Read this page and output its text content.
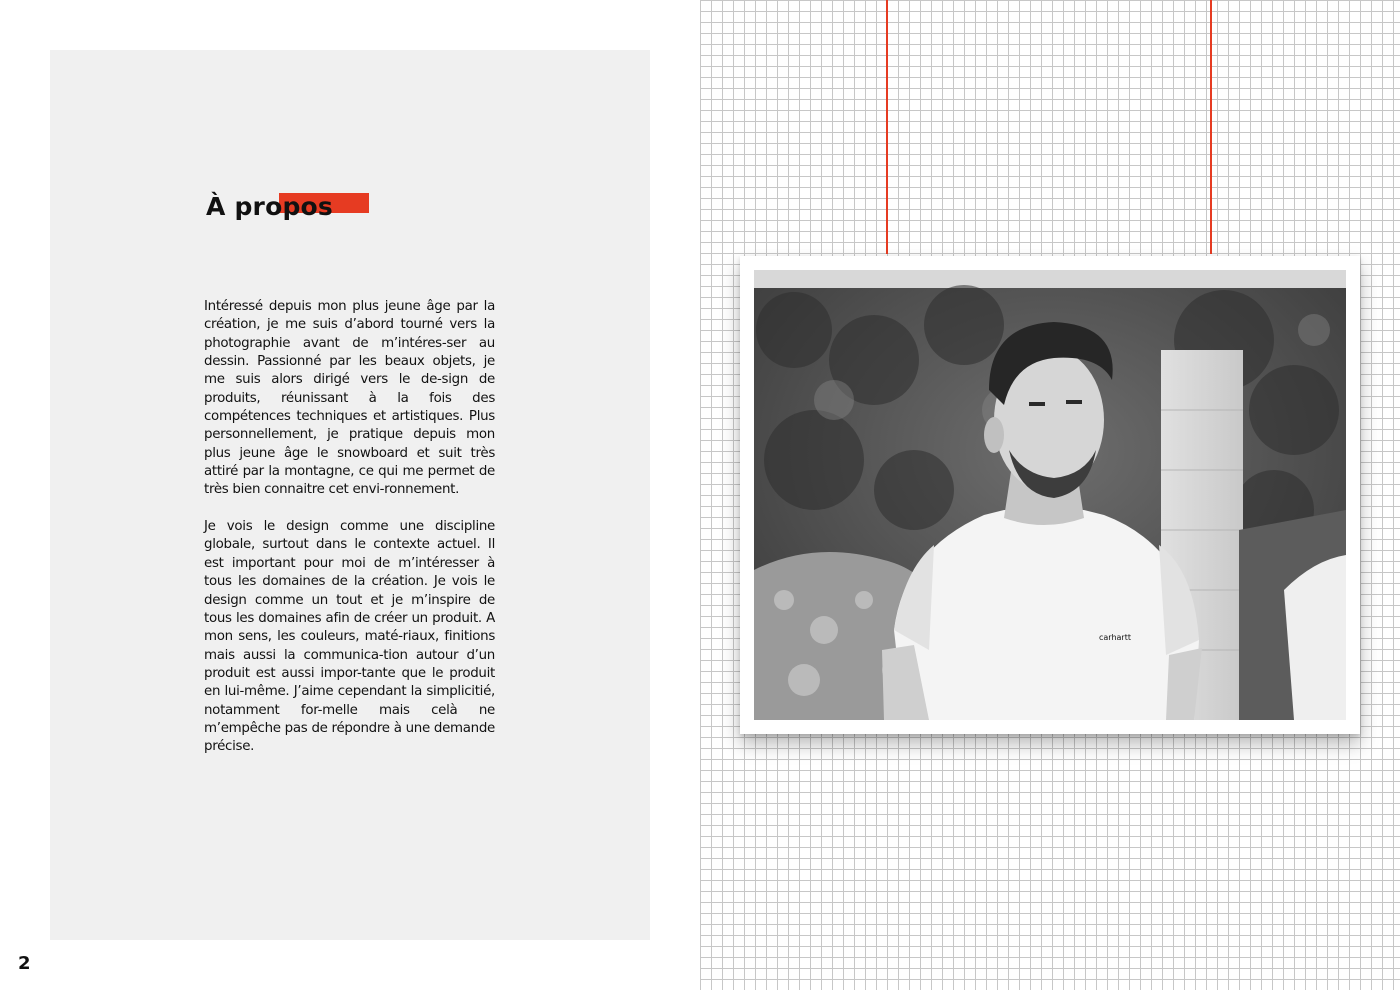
À propos

Intéressé depuis mon plus jeune âge par la création, je me suis d’abord tourné vers la photographie avant de m’intéres-ser au dessin. Passionné par les beaux objets, je me suis alors dirigé vers le de-sign de produits, réunissant à la fois des compétences techniques et artistiques. Plus personnellement, je pratique depuis mon plus jeune âge le snowboard et suit très attiré par la montagne, ce qui me permet de très bien connaitre cet envi-ronnement.

Je vois le design comme une discipline globale, surtout dans le contexte actuel. Il est important pour moi de m’intéresser à tous les domaines de la création. Je vois le design comme un tout et je m’inspire de tous les domaines afin de créer un produit. A mon sens, les couleurs, maté-riaux, finitions mais aussi la communica-tion autour d’un produit est aussi impor-tante que le produit en lui-même. J’aime cependant la simplicitié, notamment for-melle mais celà ne m’empêche pas de répondre à une demande précise.

2
carhartt
